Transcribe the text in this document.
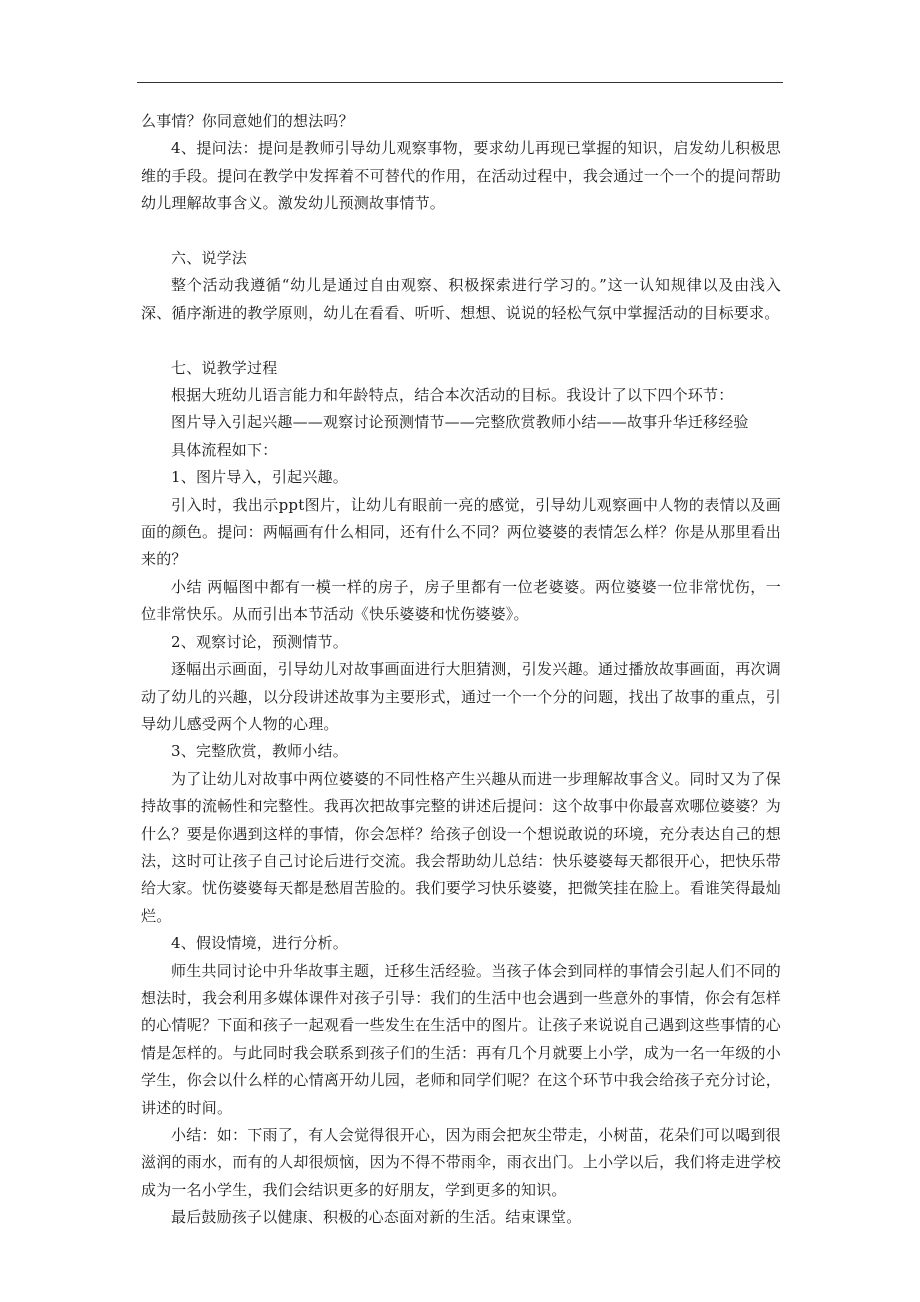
么事情？你同意她们的想法吗？

4、提问法：提问是教师引导幼儿观察事物，要求幼儿再现已掌握的知识，启发幼儿积极思维的手段。提问在教学中发挥着不可替代的作用，在活动过程中，我会通过一个一个的提问帮助幼儿理解故事含义。激发幼儿预测故事情节。

六、说学法

整个活动我遵循“幼儿是通过自由观察、积极探索进行学习的。”这一认知规律以及由浅入深、循序渐进的教学原则，幼儿在看看、听听、想想、说说的轻松气氛中掌握活动的目标要求。

七、说教学过程

根据大班幼儿语言能力和年龄特点，结合本次活动的目标。我设计了以下四个环节：

图片导入引起兴趣——观察讨论预测情节——完整欣赏教师小结——故事升华迁移经验

具体流程如下：

1、图片导入，引起兴趣。

引入时，我出示ppt图片，让幼儿有眼前一亮的感觉，引导幼儿观察画中人物的表情以及画面的颜色。提问：两幅画有什么相同，还有什么不同？两位婆婆的表情怎么样？你是从那里看出来的？

小结 两幅图中都有一模一样的房子，房子里都有一位老婆婆。两位婆婆一位非常忧伤，一位非常快乐。从而引出本节活动《快乐婆婆和忧伤婆婆》。

2、观察讨论，预测情节。

逐幅出示画面，引导幼儿对故事画面进行大胆猜测，引发兴趣。通过播放故事画面，再次调动了幼儿的兴趣，以分段讲述故事为主要形式，通过一个一个分的问题，找出了故事的重点，引导幼儿感受两个人物的心理。

3、完整欣赏，教师小结。

为了让幼儿对故事中两位婆婆的不同性格产生兴趣从而进一步理解故事含义。同时又为了保持故事的流畅性和完整性。我再次把故事完整的讲述后提问：这个故事中你最喜欢哪位婆婆？为什么？要是你遇到这样的事情，你会怎样？给孩子创设一个想说敢说的环境，充分表达自己的想法，这时可让孩子自己讨论后进行交流。我会帮助幼儿总结：快乐婆婆每天都很开心，把快乐带给大家。忧伤婆婆每天都是愁眉苦脸的。我们要学习快乐婆婆，把微笑挂在脸上。看谁笑得最灿烂。

4、假设情境，进行分析。

师生共同讨论中升华故事主题，迁移生活经验。当孩子体会到同样的事情会引起人们不同的想法时，我会利用多媒体课件对孩子引导：我们的生活中也会遇到一些意外的事情，你会有怎样的心情呢？下面和孩子一起观看一些发生在生活中的图片。让孩子来说说自己遇到这些事情的心情是怎样的。与此同时我会联系到孩子们的生活：再有几个月就要上小学，成为一名一年级的小学生，你会以什么样的心情离开幼儿园，老师和同学们呢？在这个环节中我会给孩子充分讨论，讲述的时间。

小结：如：下雨了，有人会觉得很开心，因为雨会把灰尘带走，小树苗，花朵们可以喝到很滋润的雨水，而有的人却很烦恼，因为不得不带雨伞，雨衣出门。上小学以后，我们将走进学校成为一名小学生，我们会结识更多的好朋友，学到更多的知识。

最后鼓励孩子以健康、积极的心态面对新的生活。结束课堂。
